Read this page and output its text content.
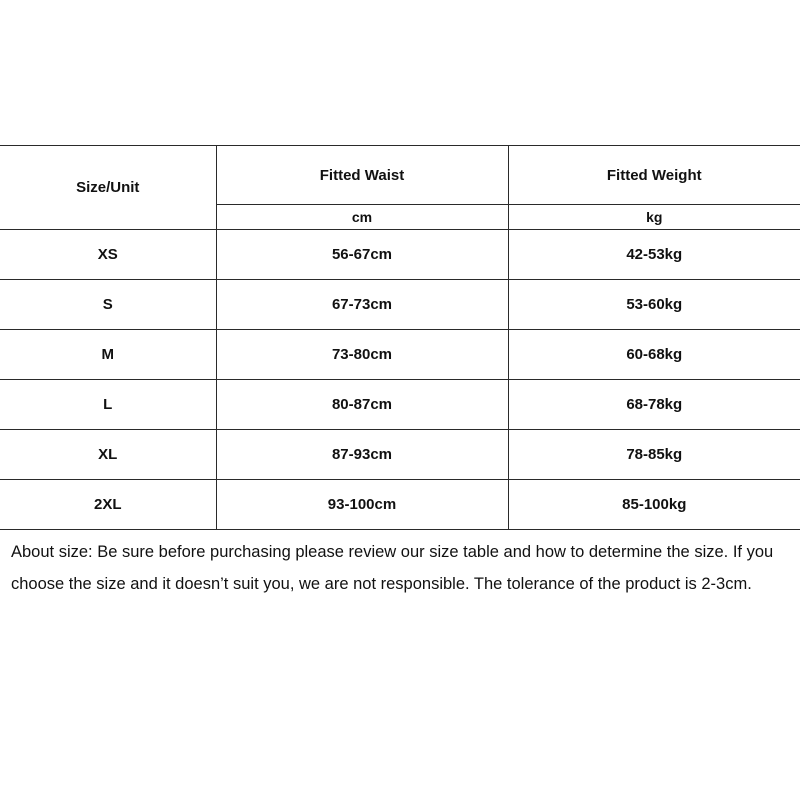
Size/Unit	Fitted Waist	Fitted Weight
	cm	kg
XS	56-67cm	42-53kg
S	67-73cm	53-60kg
M	73-80cm	60-68kg
L	80-87cm	68-78kg
XL	87-93cm	78-85kg
2XL	93-100cm	85-100kg

About size: Be sure before purchasing please review our size table and how to determine the size. If you choose the size and it doesn’t suit you, we are not responsible. The tolerance of the product is 2-3cm.
